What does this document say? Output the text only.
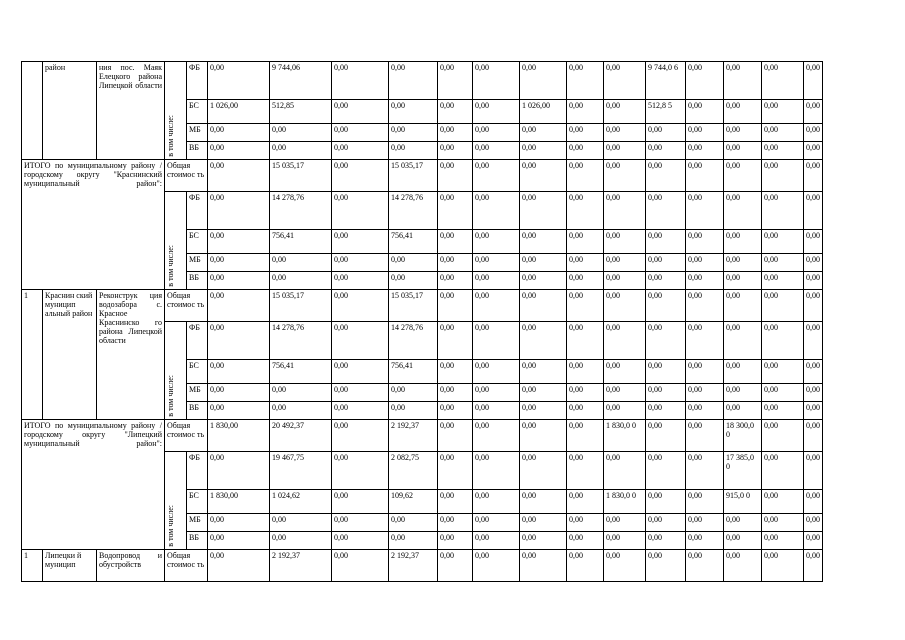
	район	ния пос. Маяк Елецкого района Липецкой области	в том числе:	ФБ	0,00	9 744,06	0,00	0,00	0,00	0,00	0,00	0,00	0,00	9 744,0 6	0,00	0,00	0,00	0,00
				БС	1 026,00	512,85	0,00	0,00	0,00	0,00	1 026,00	0,00	0,00	512,8 5	0,00	0,00	0,00	0,00
				МБ	0,00	0,00	0,00	0,00	0,00	0,00	0,00	0,00	0,00	0,00	0,00	0,00	0,00	0,00
				ВБ	0,00	0,00	0,00	0,00	0,00	0,00	0,00	0,00	0,00	0,00	0,00	0,00	0,00	0,00
ИТОГО по муниципальному району / городскому округу "Краснинский муниципальный район":			Общая стоимос ть		0,00	15 035,17	0,00	15 035,17	0,00	0,00	0,00	0,00	0,00	0,00	0,00	0,00	0,00	0,00

			в том числе:	ФБ	0,00	14 278,76	0,00	14 278,76	0,00	0,00	0,00	0,00	0,00	0,00	0,00	0,00	0,00	0,00
				БС	0,00	756,41	0,00	756,41	0,00	0,00	0,00	0,00	0,00	0,00	0,00	0,00	0,00	0,00
				МБ	0,00	0,00	0,00	0,00	0,00	0,00	0,00	0,00	0,00	0,00	0,00	0,00	0,00	0,00
				ВБ	0,00	0,00	0,00	0,00	0,00	0,00	0,00	0,00	0,00	0,00	0,00	0,00	0,00	0,00
1	Краснин ский муницип альный район	Реконструк ция водозабора с. Красное Краснинско го района Липецкой области	Общая стоимос ть		0,00	15 035,17	0,00	15 035,17	0,00	0,00	0,00	0,00	0,00	0,00	0,00	0,00	0,00	0,00

			в том числе:	ФБ	0,00	14 278,76	0,00	14 278,76	0,00	0,00	0,00	0,00	0,00	0,00	0,00	0,00	0,00	0,00
				БС	0,00	756,41	0,00	756,41	0,00	0,00	0,00	0,00	0,00	0,00	0,00	0,00	0,00	0,00
				МБ	0,00	0,00	0,00	0,00	0,00	0,00	0,00	0,00	0,00	0,00	0,00	0,00	0,00	0,00
				ВБ	0,00	0,00	0,00	0,00	0,00	0,00	0,00	0,00	0,00	0,00	0,00	0,00	0,00	0,00
ИТОГО по муниципальному району / городскому округу "Липецкий муниципальный район":			Общая стоимос ть		1 830,00	20 492,37	0,00	2 192,37	0,00	0,00	0,00	0,00	1 830,0 0	0,00	0,00	18 300,0 0	0,00	0,00

			в том числе:	ФБ	0,00	19 467,75	0,00	2 082,75	0,00	0,00	0,00	0,00	0,00	0,00	0,00	17 385,0 0	0,00	0,00
				БС	1 830,00	1 024,62	0,00	109,62	0,00	0,00	0,00	0,00	1 830,0 0	0,00	0,00	915,0 0	0,00	0,00
				МБ	0,00	0,00	0,00	0,00	0,00	0,00	0,00	0,00	0,00	0,00	0,00	0,00	0,00	0,00
				ВБ	0,00	0,00	0,00	0,00	0,00	0,00	0,00	0,00	0,00	0,00	0,00	0,00	0,00	0,00
1	Липецки й муницип	Водопровод и обустройств	Общая стоимос ть		0,00	2 192,37	0,00	2 192,37	0,00	0,00	0,00	0,00	0,00	0,00	0,00	0,00	0,00	0,00
